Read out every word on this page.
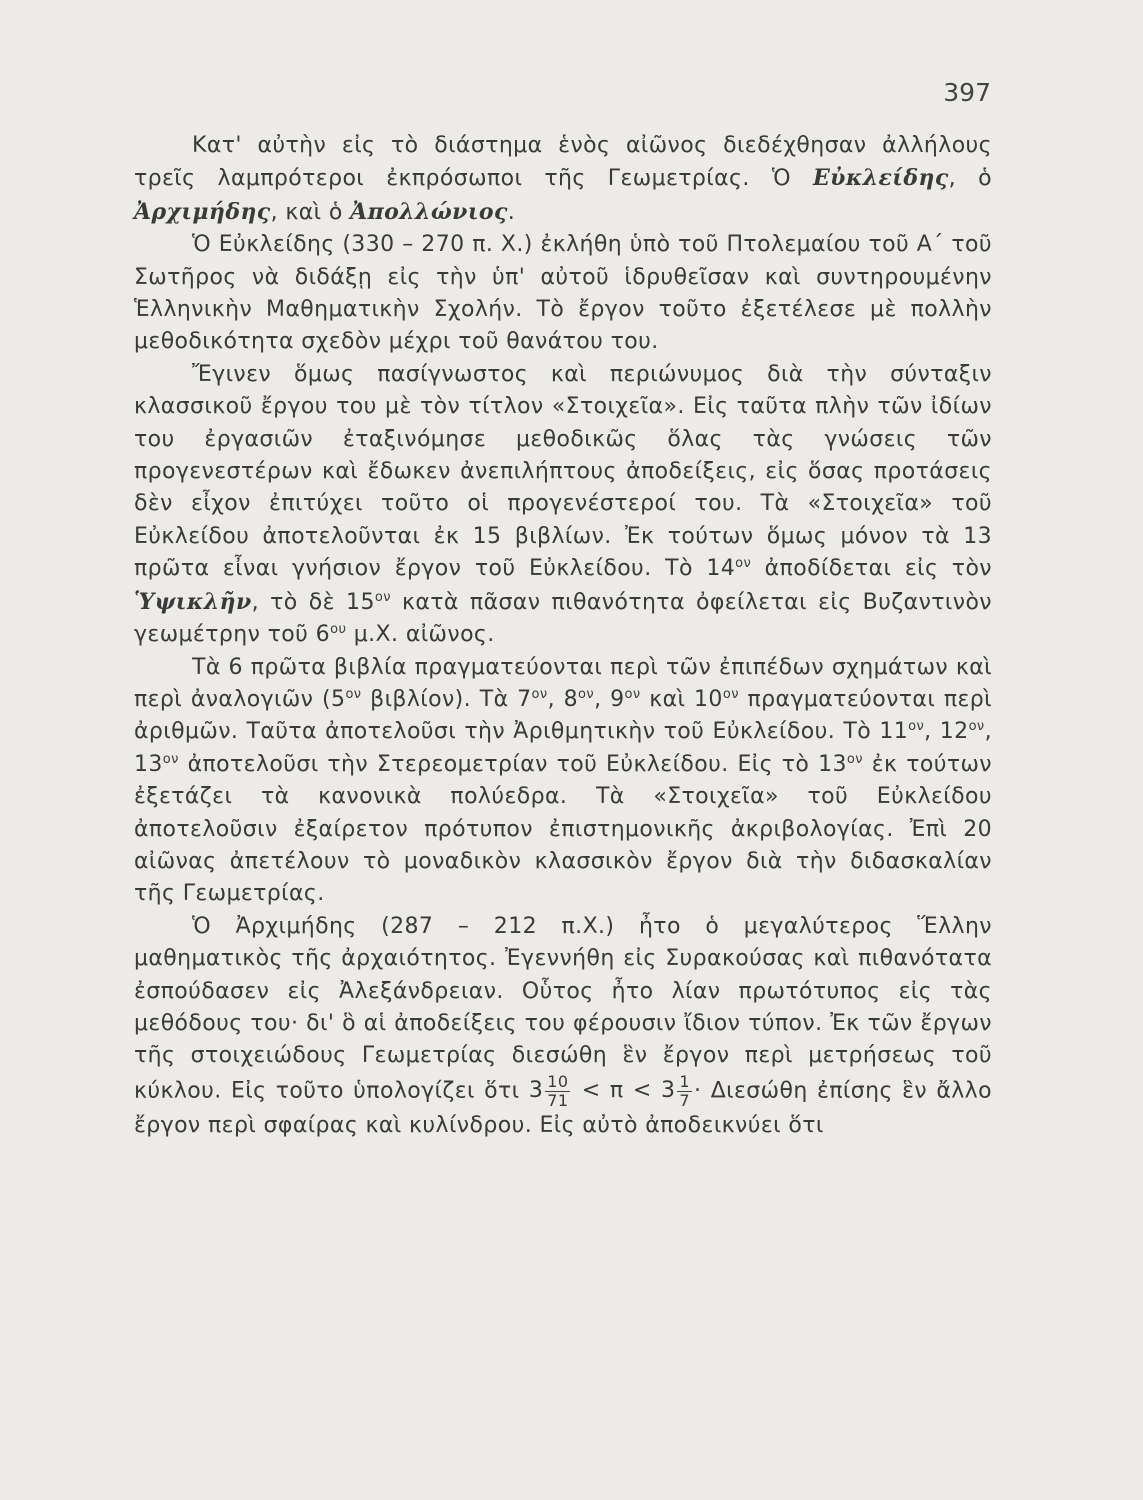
397

Κατ' αὐτὴν εἰς τὸ διάστημα ἑνὸς αἰῶνος διεδέχθησαν ἀλλήλους τρεῖς λαμπρότεροι ἐκπρόσωποι τῆς Γεωμετρίας. Ὁ Εὐκλείδης, ὁ Ἀρχιμήδης, καὶ ὁ Ἀπολλώνιος.

Ὁ Εὐκλείδης (330 – 270 π. Χ.) ἐκλήθη ὑπὸ τοῦ Πτολεμαίου τοῦ Α΄ τοῦ Σωτῆρος νὰ διδάξῃ εἰς τὴν ὑπ' αὐτοῦ ἱδρυθεῖσαν καὶ συντηρουμένην Ἑλληνικὴν Μαθηματικὴν Σχολήν. Τὸ ἔργον τοῦτο ἐξετέλεσε μὲ πολλὴν μεθοδικότητα σχεδὸν μέχρι τοῦ θανάτου του.

Ἔγινεν ὅμως πασίγνωστος καὶ περιώνυμος διὰ τὴν σύνταξιν κλασσικοῦ ἔργου του μὲ τὸν τίτλον «Στοιχεῖα». Εἰς ταῦτα πλὴν τῶν ἰδίων του ἐργασιῶν ἐταξινόμησε μεθοδικῶς ὅλας τὰς γνώσεις τῶν προγενεστέρων καὶ ἔδωκεν ἀνεπιλήπτους ἀποδείξεις, εἰς ὅσας προτάσεις δὲν εἶχον ἐπιτύχει τοῦτο οἱ προγενέστεροί του. Τὰ «Στοιχεῖα» τοῦ Εὐκλείδου ἀποτελοῦνται ἐκ 15 βιβλίων. Ἐκ τούτων ὅμως μόνον τὰ 13 πρῶτα εἶναι γνήσιον ἔργον τοῦ Εὐκλείδου. Τὸ $14^{o\nu}$ ἀποδίδεται εἰς τὸν Ὑψικλῆν, τὸ δὲ $15^{o\nu}$ κατὰ πᾶσαν πιθανότητα ὀφείλεται εἰς Βυζαντινὸν γεωμέτρην τοῦ $6^{o\upsilon}$ μ.Χ. αἰῶνος.

Τὰ 6 πρῶτα βιβλία πραγματεύονται περὶ τῶν ἐπιπέδων σχημάτων καὶ περὶ ἀναλογιῶν ($5^{o\nu}$ βιβλίον). Τὰ $7^{o\nu}$, $8^{o\nu}$, $9^{o\nu}$ καὶ $10^{o\nu}$ πραγματεύονται περὶ ἀριθμῶν. Ταῦτα ἀποτελοῦσι τὴν Ἀριθμητικὴν τοῦ Εὐκλείδου. Τὸ $11^{o\nu}$, $12^{o\nu}$, $13^{o\nu}$ ἀποτελοῦσι τὴν Στερεομετρίαν τοῦ Εὐκλείδου. Εἰς τὸ $13^{o\nu}$ ἐκ τούτων ἐξετάζει τὰ κανονικὰ πολύεδρα. Τὰ «Στοιχεῖα» τοῦ Εὐκλείδου ἀποτελοῦσιν ἐξαίρετον πρότυπον ἐπιστημονικῆς ἀκριβολογίας. Ἐπὶ 20 αἰῶνας ἀπετέλουν τὸ μοναδικὸν κλασσικὸν ἔργον διὰ τὴν διδασκαλίαν τῆς Γεωμετρίας.

Ὁ Ἀρχιμήδης (287 – 212 π.Χ.) ἦτο ὁ μεγαλύτερος Ἕλλην μαθηματικὸς τῆς ἀρχαιότητος. Ἐγεννήθη εἰς Συρακούσας καὶ πιθανότατα ἐσπούδασεν εἰς Ἀλεξάνδρειαν. Οὗτος ἦτο λίαν πρωτότυπος εἰς τὰς μεθόδους του· δι' ὃ αἱ ἀποδείξεις του φέρουσιν ἴδιον τύπον. Ἐκ τῶν ἔργων τῆς στοιχειώδους Γεωμετρίας διεσώθη ἓν ἔργον περὶ μετρήσεως τοῦ κύκλου. Εἰς τοῦτο ὑπολογίζει ὅτι $3 \frac{10}{71} < \pi < 3 \frac{1}{7} \cdot \Delta\iota\varepsilon\sigma ώ\theta\eta$ ἐπίσης ἓν ἄλλο ἔργον περὶ σφαίρας καὶ κυλίνδρου. Εἰς αὐτὸ ἀποδεικνύει ὅτι
